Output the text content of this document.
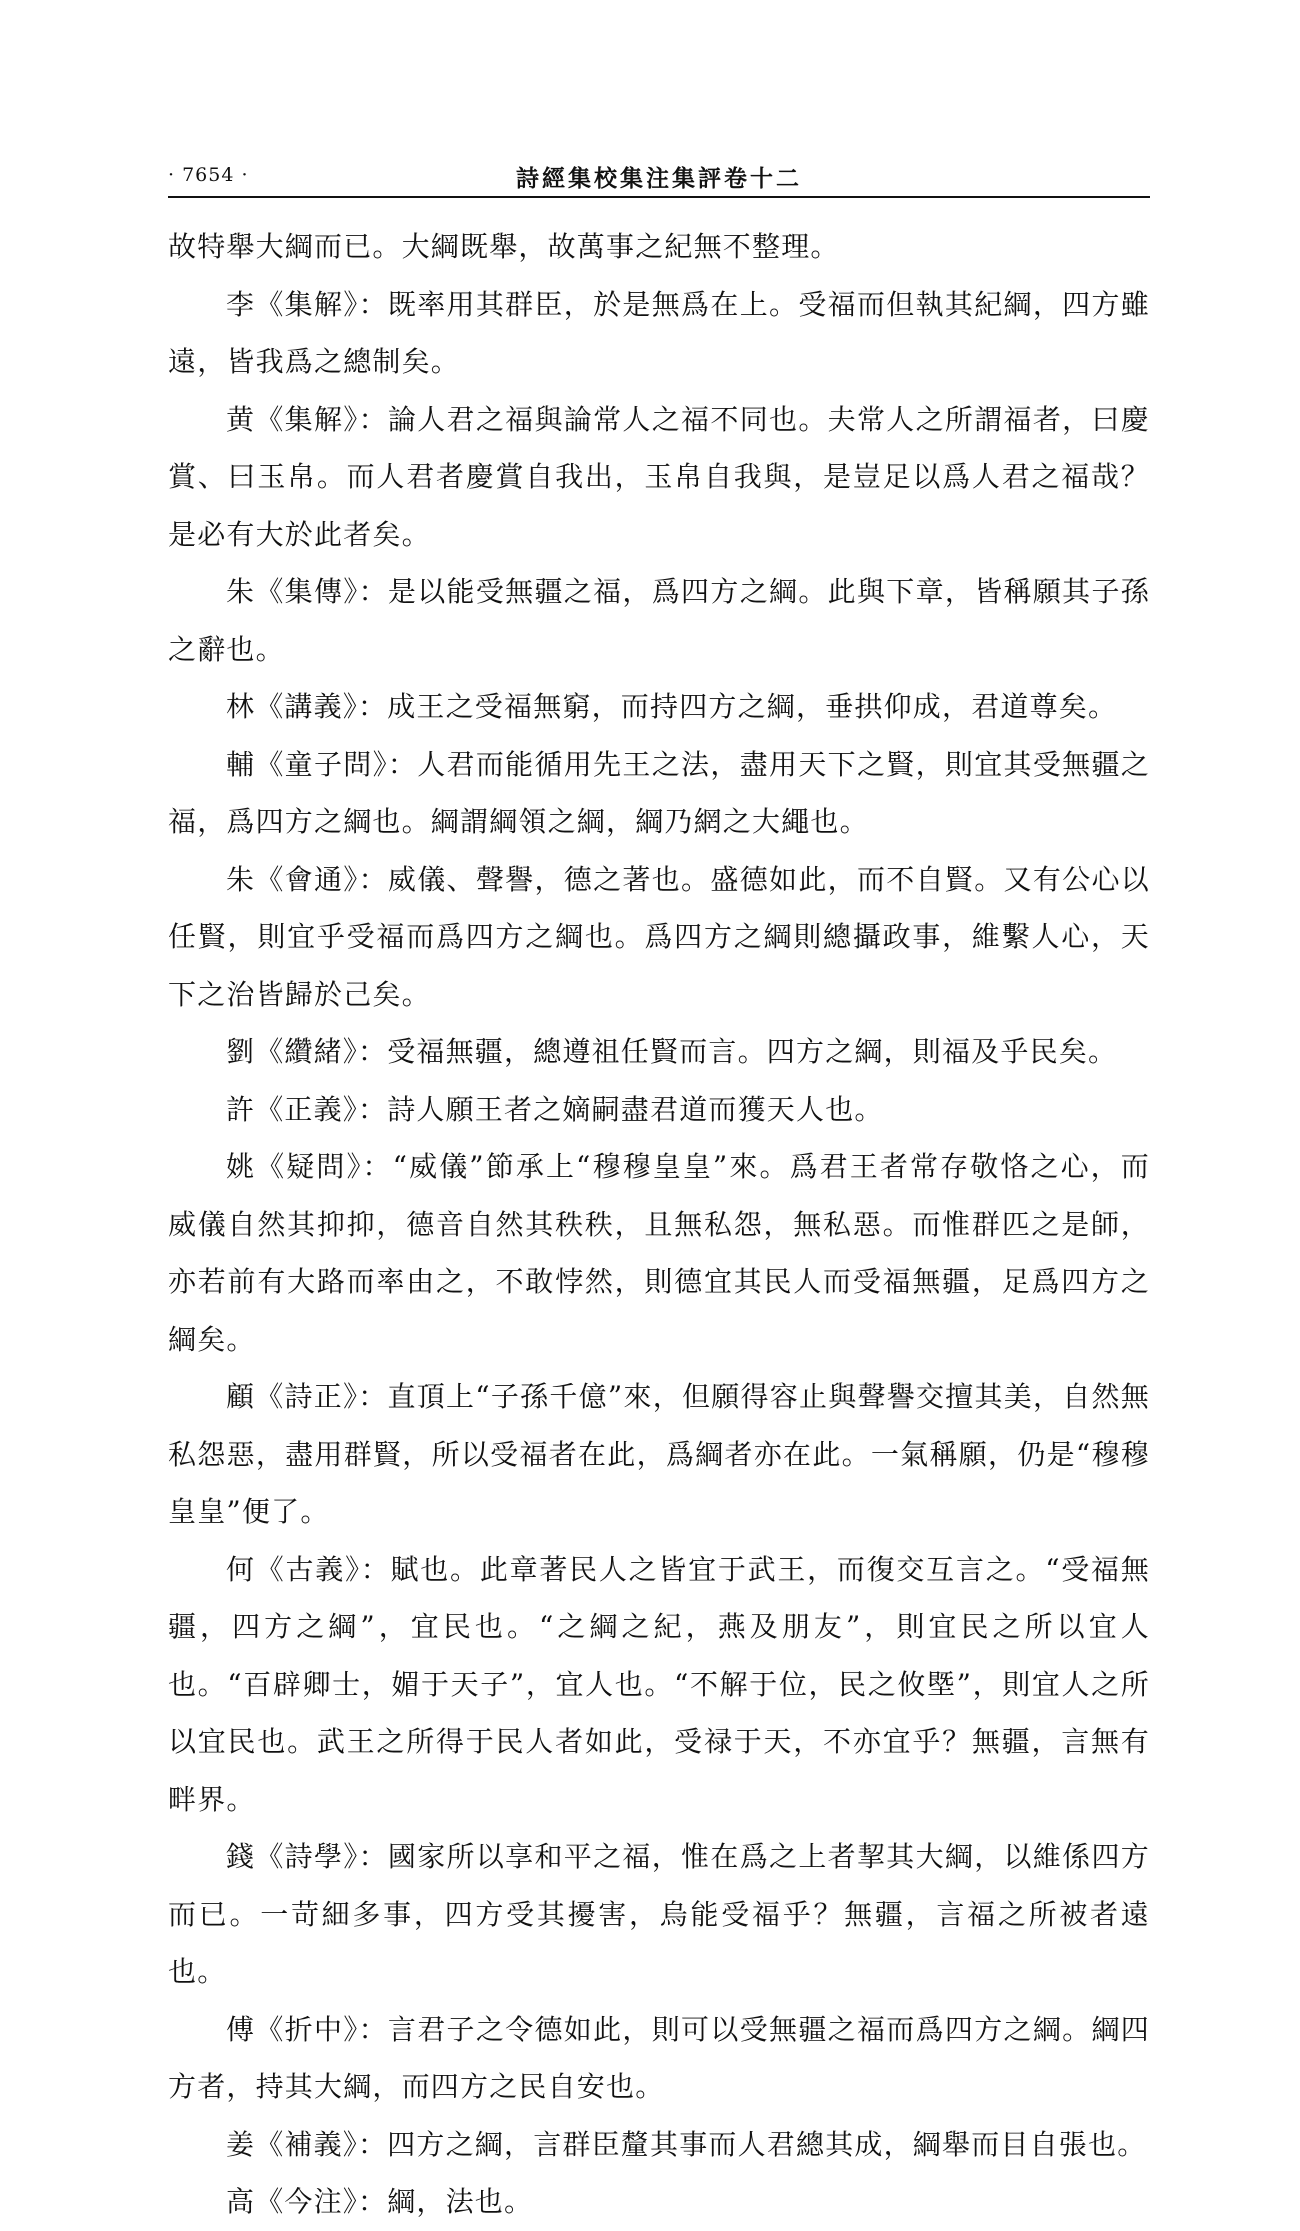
· 7654 ·	詩經集校集注集評卷十二

故特舉大綱而已。大綱既舉，故萬事之紀無不整理。

李《集解》：既率用其群臣，於是無爲在上。受福而但執其紀綱，四方雖遠，皆我爲之總制矣。

黄《集解》：論人君之福與論常人之福不同也。夫常人之所謂福者，曰慶賞、曰玉帛。而人君者慶賞自我出，玉帛自我與，是豈足以爲人君之福哉？是必有大於此者矣。

朱《集傳》：是以能受無疆之福，爲四方之綱。此與下章，皆稱願其子孫之辭也。

林《講義》：成王之受福無窮，而持四方之綱，垂拱仰成，君道尊矣。

輔《童子問》：人君而能循用先王之法，盡用天下之賢，則宜其受無疆之福，爲四方之綱也。綱謂綱領之綱，綱乃網之大繩也。

朱《會通》：威儀、聲譽，德之著也。盛德如此，而不自賢。又有公心以任賢，則宜乎受福而爲四方之綱也。爲四方之綱則總攝政事，維繫人心，天下之治皆歸於己矣。

劉《纘緒》：受福無疆，總遵祖任賢而言。四方之綱，則福及乎民矣。

許《正義》：詩人願王者之嫡嗣盡君道而獲天人也。

姚《疑問》：“威儀”節承上“穆穆皇皇”來。爲君王者常存敬恪之心，而威儀自然其抑抑，德音自然其秩秩，且無私怨，無私惡。而惟群匹之是師，亦若前有大路而率由之，不敢悖然，則德宜其民人而受福無疆，足爲四方之綱矣。

顧《詩正》：直頂上“子孫千億”來，但願得容止與聲譽交擅其美，自然無私怨惡，盡用群賢，所以受福者在此，爲綱者亦在此。一氣稱願，仍是“穆穆皇皇”便了。

何《古義》：賦也。此章著民人之皆宜于武王，而復交互言之。“受福無疆，四方之綱”，宜民也。“之綱之紀，燕及朋友”，則宜民之所以宜人也。“百辟卿士，媚于天子”，宜人也。“不解于位，民之攸塈”，則宜人之所以宜民也。武王之所得于民人者如此，受禄于天，不亦宜乎？無疆，言無有畔界。

錢《詩學》：國家所以享和平之福，惟在爲之上者挈其大綱，以維係四方而已。一苛細多事，四方受其擾害，烏能受福乎？無疆，言福之所被者遠也。

傅《折中》：言君子之令德如此，則可以受無疆之福而爲四方之綱。綱四方者，持其大綱，而四方之民自安也。

姜《補義》：四方之綱，言群臣釐其事而人君總其成，綱舉而目自張也。

高《今注》：綱，法也。
